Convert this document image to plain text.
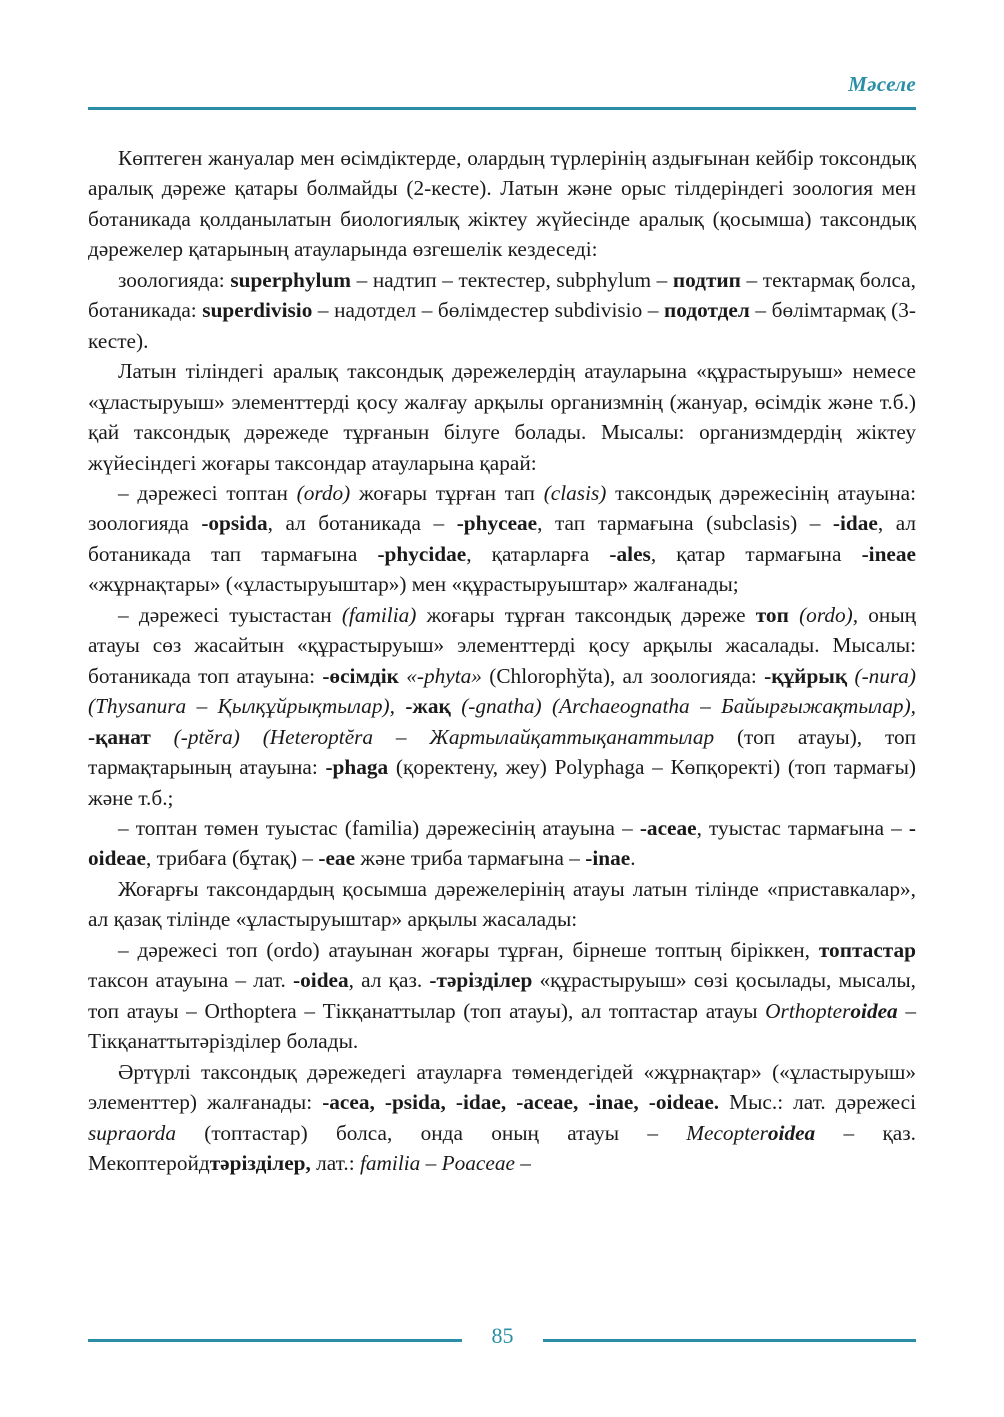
Мәселе

Көптеген жануалар мен өсімдіктерде, олардың түрлерінің аздығынан кейбір токсондық аралық дәреже қатары болмайды (2-кесте). Латын және орыс тілдеріндегі зоология мен ботаникада қолданылатын биологиялық жіктеу жүйесінде аралық (қосымша) таксондық дәрежелер қатарының атауларында өзгешелік кездеседі:

зоологияда: superphylum – надтип – тектестер, subphylum – подтип – тектармақ болса, ботаникада: superdivisio – надотдел – бөлімдестер subdivisio – подотдел – бөлімтармақ (3-кесте).

Латын тіліндегі аралық таксондық дәрежелердің атауларына «құрастыруыш» немесе «ұластыруыш» элементтерді қосу жалғау арқылы организмнің (жануар, өсімдік және т.б.) қай таксондық дәрежеде тұрғанын білуге болады. Мысалы: организмдердің жіктеу жүйесіндегі жоғары таксондар атауларына қарай:

– дәрежесі топтан (ordo) жоғары тұрған тап (clasis) таксондық дәрежесінің атауына: зоологияда -opsida, ал ботаникада – -phyceae, тап тармағына (subclasis) – -idae, ал ботаникада тап тармағына -phycidae, қатарларға -ales, қатар тармағына -ineae «жұрнақтары» («ұластыруыштар») мен «құрастыруыштар» жалғанады;

– дәрежесі туыстастан (familia) жоғары тұрған таксондық дәреже топ (ordo), оның атауы сөз жасайтын «құрастыруыш» элементтерді қосу арқылы жасалады. Мысалы: ботаникада топ атауына: -өсімдік «-phyta» (Chlorophўta), ал зоологияда: -құйрық (-nura) (Thysanura – Қылқұйрықтылар), -жақ (-gnatha) (Archaeognatha – Байырғыжақтылар), -қанат (-ptĕra) (Heteroptĕra – Жартылайқаттықанаттылар (топ атауы), топ тармақтарының атауына: -phaga (қоректену, жеу) Polyphaga – Көпқоректі) (топ тармағы) және т.б.;

– топтан төмен туыстас (familia) дәрежесінің атауына – -aceae, туыстас тармағына – -oideae, трибаға (бұтақ) – -eae және триба тармағына – -inae.

Жоғарғы таксондардың қосымша дәрежелерінің атауы латын тілінде «приставкалар», ал қазақ тілінде «ұластыруыштар» арқылы жасалады:

– дәрежесі топ (ordo) атауынан жоғары тұрған, бірнеше топтың біріккен, топтастар таксон атауына – лат. -oidea, ал қаз. -тәрізділер «құрастыруыш» сөзі қосылады, мысалы, топ атауы – Orthoptera – Тікқанаттылар (топ атауы), ал топтастар атауы Orthopteroidea – Тікқанаттытәрізділер болады.

Әртүрлі таксондық дәрежедегі атауларға төмендегідей «жұрнақтар» («ұластыруыш» элементтер) жалғанады: -acea, -psida, -idae, -aceae, -inae, -oideae. Мыс.: лат. дәрежесі supraorda (топтастар) болса, онда оның атауы – Mecopteroidea – қаз. Мекоптеройдтәрізділер, лат.: familia – Poaceae –

85
